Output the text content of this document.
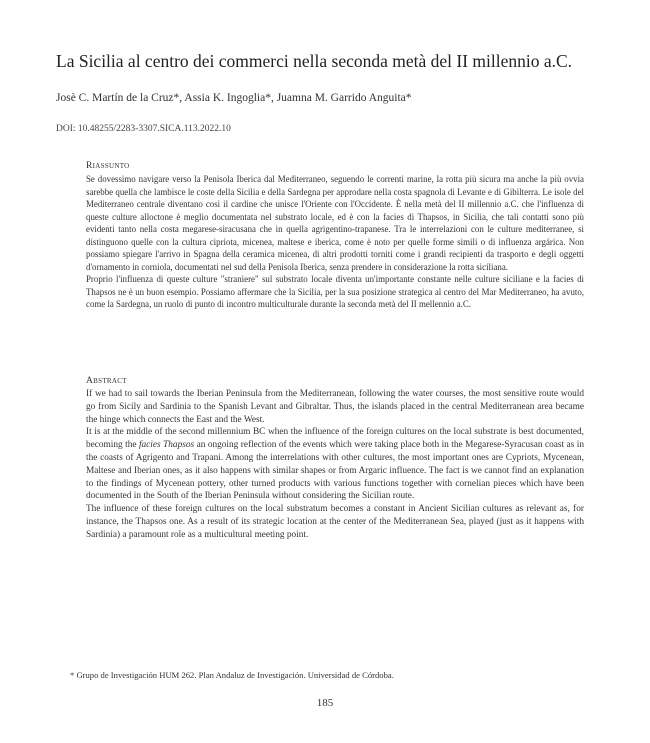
La Sicilia al centro dei commerci nella seconda metà del II millennio a.C.
Josè C. Martín de la Cruz*, Assia K. Ingoglia*, Juamna M. Garrido Anguita*
DOI: 10.48255/2283-3307.SICA.113.2022.10
Riassunto

Se dovessimo navigare verso la Penisola Iberica dal Mediterraneo, seguendo le correnti marine, la rotta più sicura ma anche la più ovvia sarebbe quella che lambisce le coste della Sicilia e della Sardegna per approdare nella costa spagnola di Levante e di Gibilterra. Le isole del Mediterraneo centrale diventano così il cardine che unisce l'Oriente con l'Occidente. È nella metà del II millennio a.C. che l'influenza di queste culture alloctone è meglio documentata nel substrato locale, ed è con la facies di Thapsos, in Sicilia, che tali contatti sono più evidenti tanto nella costa megarese-siracusana che in quella agrigentino-trapanese. Tra le interrelazioni con le culture mediterranee, si distinguono quelle con la cultura cipriota, micenea, maltese e iberica, come è noto per quelle forme simili o di influenza argárica. Non possiamo spiegare l'arrivo in Spagna della ceramica micenea, di altri prodotti torniti come i grandi recipienti da trasporto e degli oggetti d'ornamento in corniola, documentati nel sud della Penisola Iberica, senza prendere in considerazione la rotta siciliana.

Proprio l'influenza di queste culture "straniere" sul substrato locale diventa un'importante constante nelle culture siciliane e la facies di Thapsos ne è un buon esempio. Possiamo affermare che la Sicilia, per la sua posizione strategica al centro del Mar Mediterraneo, ha avuto, come la Sardegna, un ruolo di punto di incontro multiculturale durante la seconda metà del II mellennio a.C.

Abstract

If we had to sail towards the Iberian Peninsula from the Mediterranean, following the water courses, the most sensitive route would go from Sicily and Sardinia to the Spanish Levant and Gibraltar. Thus, the islands placed in the central Mediterranean area became the hinge which connects the East and the West.

It is at the middle of the second millennium BC when the influence of the foreign cultures on the local substrate is best documented, becoming the facies Thapsos an ongoing reflection of the events which were taking place both in the Megarese-Syracusan coast as in the coasts of Agrigento and Trapani. Among the interrelations with other cultures, the most important ones are Cypriots, Mycenean, Maltese and Iberian ones, as it also happens with similar shapes or from Argaric influence. The fact is we cannot find an explanation to the findings of Mycenean pottery, other turned products with various functions together with cornelian pieces which have been documented in the South of the Iberian Peninsula without considering the Sicilian route.

The influence of these foreign cultures on the local substratum becomes a constant in Ancient Sicilian cultures as relevant as, for instance, the Thapsos one. As a result of its strategic location at the center of the Mediterranean Sea, played (just as it happens with Sardinia) a paramount role as a multicultural meeting point.

* Grupo de Investigación HUM 262. Plan Andaluz de Investigación. Universidad de Córdoba.
185
